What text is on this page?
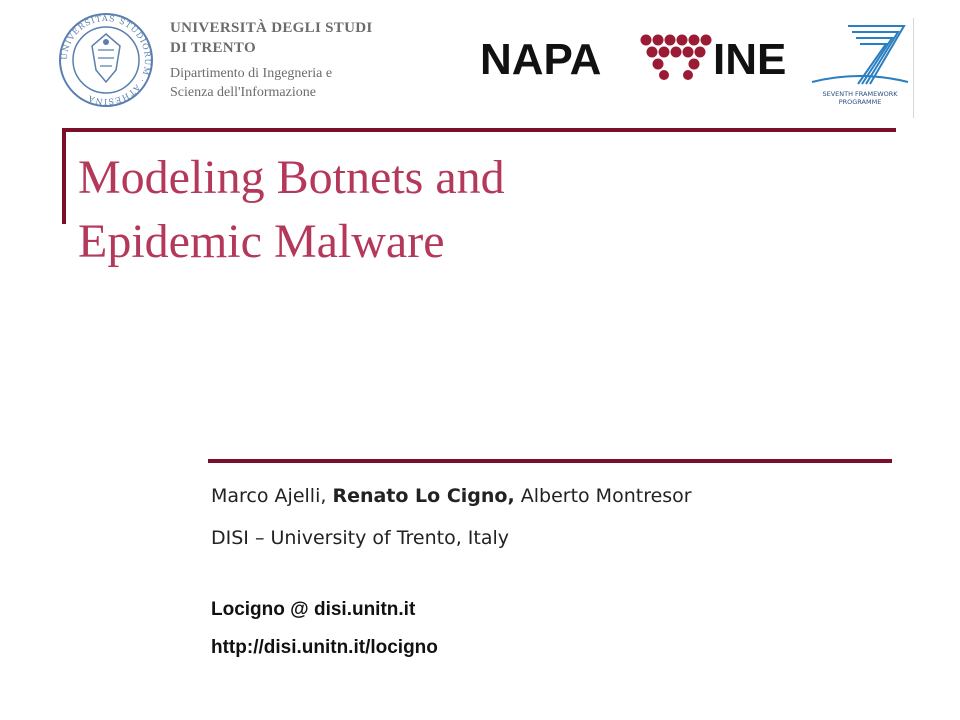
UNIVERSITAS STUDIORUM · ATHESINA
UNIVERSITÀ DEGLI STUDI
DI TRENTO
Dipartimento di Ingegneria e
Scienza dell'Informazione
NAPA	INE
SEVENTH FRAMEWORK
PROGRAMME
Modeling Botnets and
Epidemic Malware
Marco Ajelli, Renato Lo Cigno, Alberto Montresor
DISI – University of Trento, Italy
Locigno @ disi.unitn.it
http://disi.unitn.it/locigno
